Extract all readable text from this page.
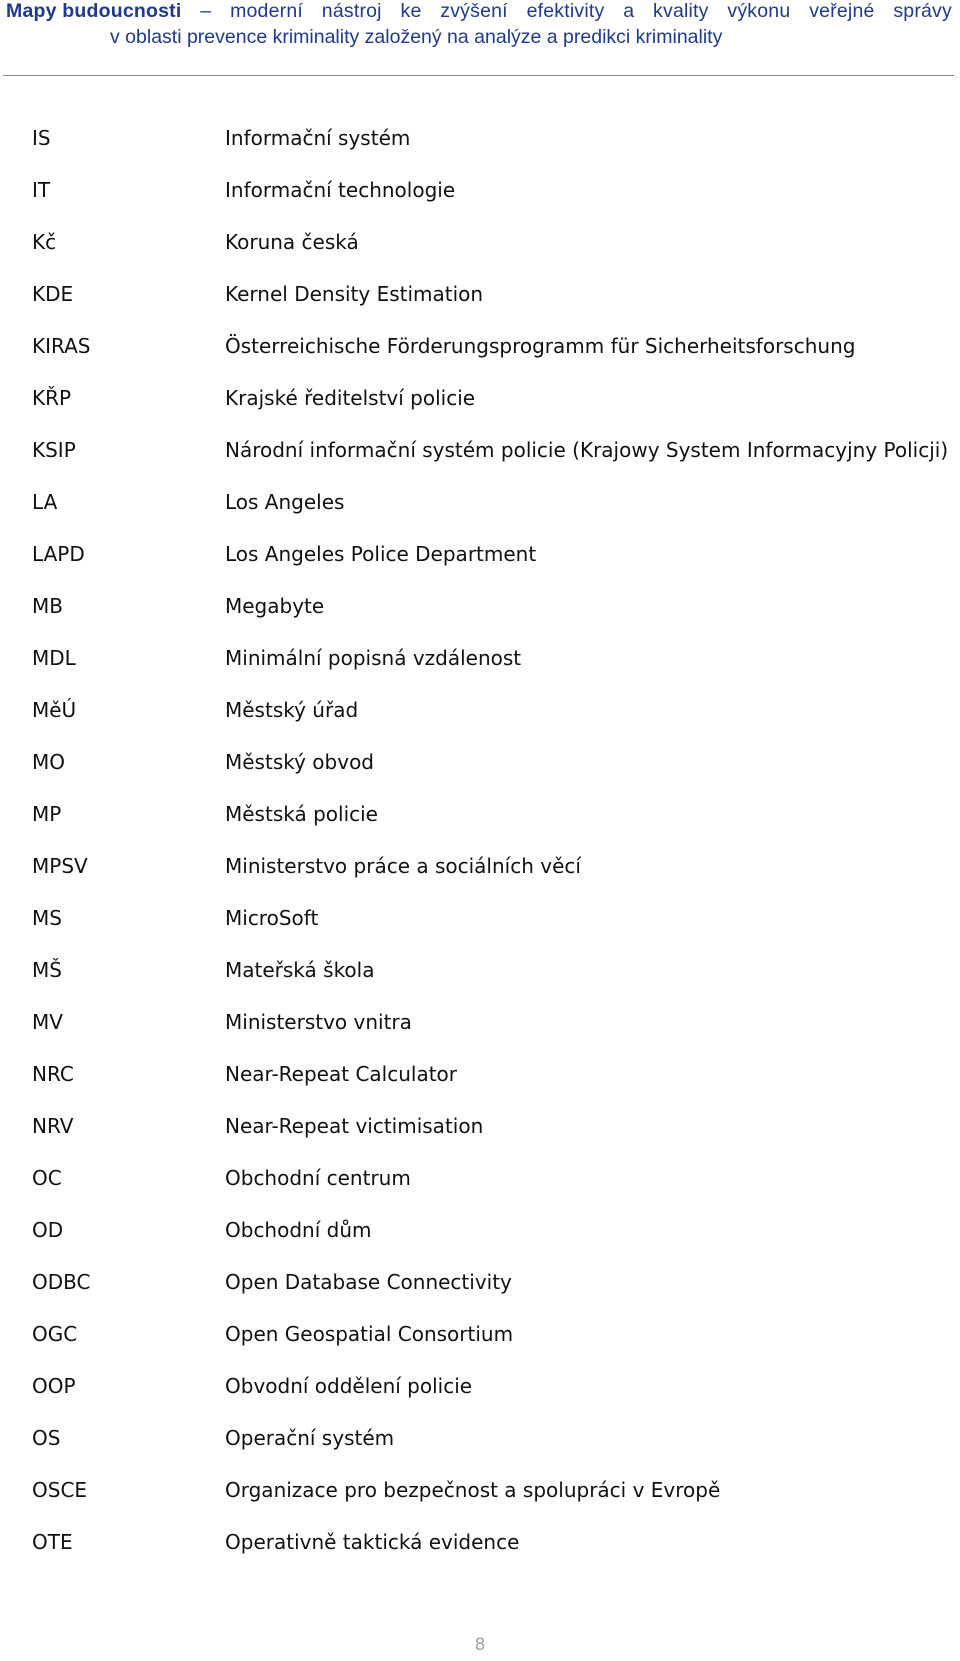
Mapy budoucnosti – moderní nástroj ke zvýšení efektivity a kvality výkonu veřejné správy
v oblasti prevence kriminality založený na analýze a predikci kriminality
IS	Informační systém
IT	Informační technologie
Kč	Koruna česká
KDE	Kernel Density Estimation
KIRAS	Österreichische Förderungsprogramm für Sicherheitsforschung
KŘP	Krajské ředitelství policie
KSIP	Národní informační systém policie (Krajowy System Informacyjny Policji)
LA	Los Angeles
LAPD	Los Angeles Police Department
MB	Megabyte
MDL	Minimální popisná vzdálenost
MěÚ	Městský úřad
MO	Městský obvod
MP	Městská policie
MPSV	Ministerstvo práce a sociálních věcí
MS	MicroSoft
MŠ	Mateřská škola
MV	Ministerstvo vnitra
NRC	Near-Repeat Calculator
NRV	Near-Repeat victimisation
OC	Obchodní centrum
OD	Obchodní dům
ODBC	Open Database Connectivity
OGC	Open Geospatial Consortium
OOP	Obvodní oddělení policie
OS	Operační systém
OSCE	Organizace pro bezpečnost a spolupráci v Evropě
OTE	Operativně taktická evidence
8
